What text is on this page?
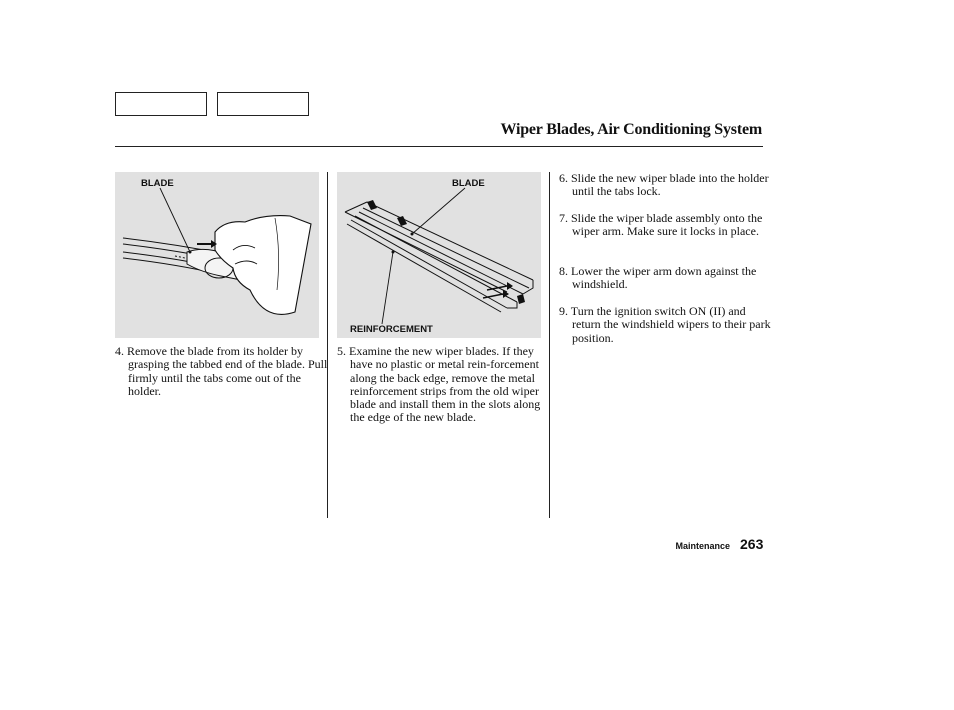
Wiper Blades, Air Conditioning System
BLADE	BLADE
REINFORCEMENT
4. Remove the blade from its holder by grasping the tabbed end of the blade. Pull firmly until the tabs come out of the holder.
5. Examine the new wiper blades. If they have no plastic or metal rein-forcement along the back edge, remove the metal reinforcement strips from the old wiper blade and install them in the slots along the edge of the new blade.
6. Slide the new wiper blade into the holder until the tabs lock.
7. Slide the wiper blade assembly onto the wiper arm. Make sure it locks in place.
8. Lower the wiper arm down against the windshield.
9. Turn the ignition switch ON (II) and return the windshield wipers to their park position.
Maintenance 263
